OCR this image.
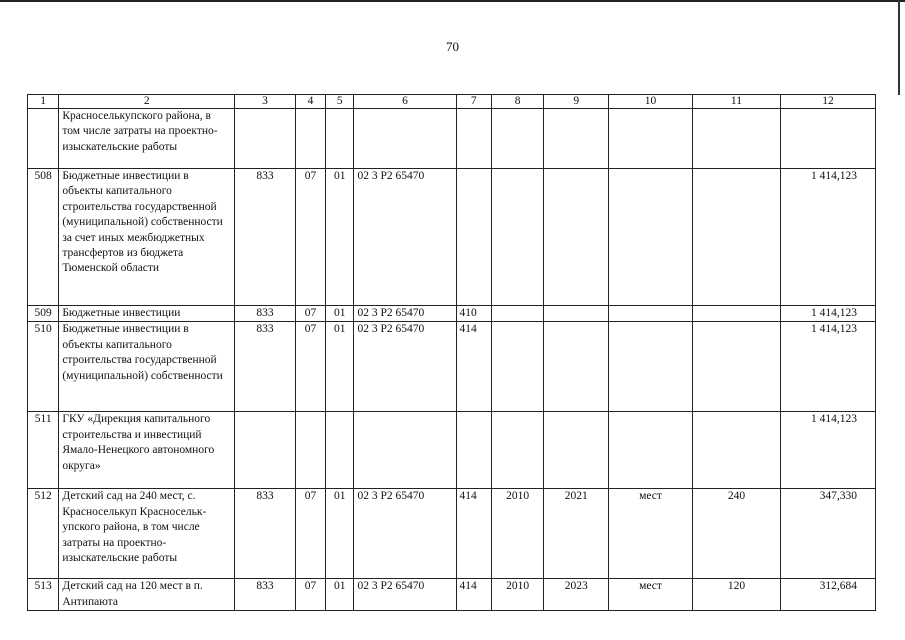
70
1	2	3	4	5	6	7	8	9	10	11	12
	Красноселькупского района, в том числе затраты на проектно-изыскательские работы										
508	Бюджетные инвестиции в объекты капитального строительства государственной (муниципальной) собственности за счет иных межбюджетных трансфертов из бюджета Тюменской области	833	07	01	02 3 Р2 65470						1 414,123
509	Бюджетные инвестиции	833	07	01	02 3 Р2 65470	410					1 414,123
510	Бюджетные инвестиции в объекты капитального строительства государственной (муниципальной) собственности	833	07	01	02 3 Р2 65470	414					1 414,123
511	ГКУ «Дирекция капитального строительства и инвестиций Ямало-Ненецкого автономного округа»										1 414,123
512	Детский сад на 240 мест, с. Красноселькуп Красноселькупского района, в том числе затраты на проектно-изыскательские работы	833	07	01	02 3 Р2 65470	414	2010	2021	мест	240	347,330
513	Детский сад на 120 мест в п. Антипаюта	833	07	01	02 3 Р2 65470	414	2010	2023	мест	120	312,684
